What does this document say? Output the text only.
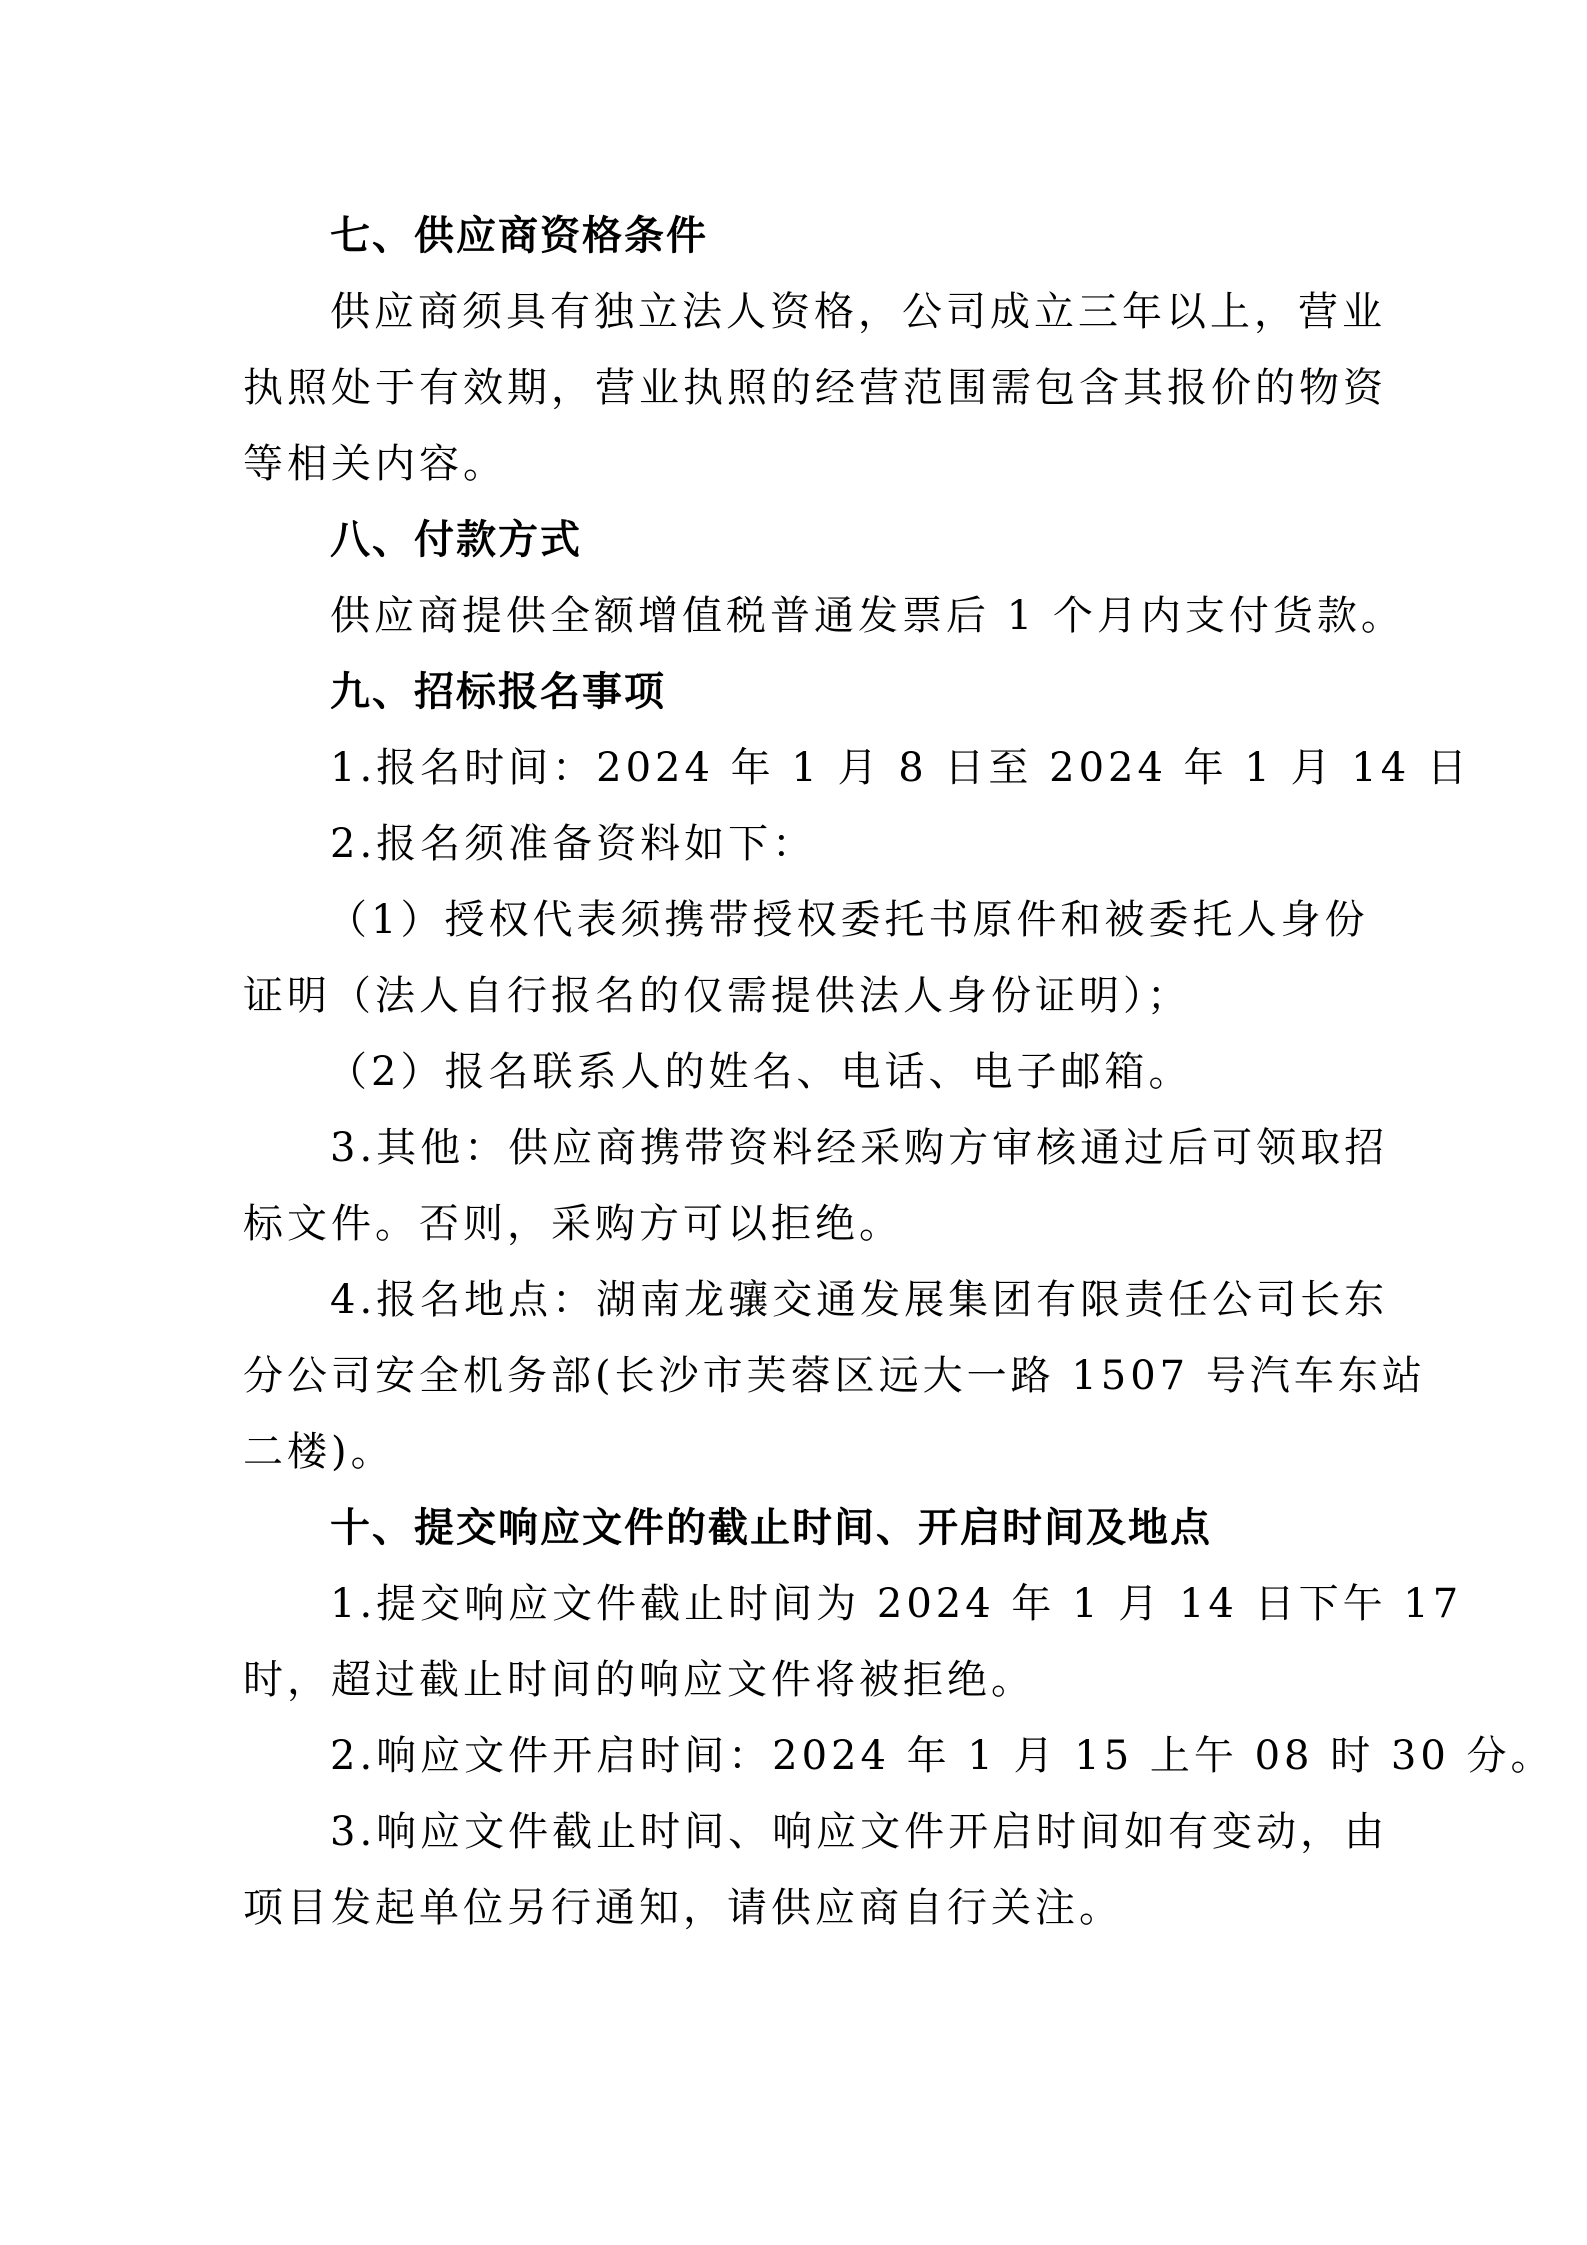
七、供应商资格条件
供应商须具有独立法人资格，公司成立三年以上，营业
执照处于有效期，营业执照的经营范围需包含其报价的物资
等相关内容。
八、付款方式
供应商提供全额增值税普通发票后 1 个月内支付货款。
九、招标报名事项
1.报名时间：2024 年 1 月 8 日至 2024 年 1 月 14 日
2.报名须准备资料如下：
（1）授权代表须携带授权委托书原件和被委托人身份
证明（法人自行报名的仅需提供法人身份证明）；
（2）报名联系人的姓名、电话、电子邮箱。
3.其他：供应商携带资料经采购方审核通过后可领取招
标文件。否则，采购方可以拒绝。
4.报名地点：湖南龙骧交通发展集团有限责任公司长东
分公司安全机务部(长沙市芙蓉区远大一路 1507 号汽车东站
二楼)。
十、提交响应文件的截止时间、开启时间及地点
1.提交响应文件截止时间为 2024 年 1 月 14 日下午 17
时，超过截止时间的响应文件将被拒绝。
2.响应文件开启时间：2024 年 1 月 15 上午 08 时 30 分。
3.响应文件截止时间、响应文件开启时间如有变动，由
项目发起单位另行通知，请供应商自行关注。
